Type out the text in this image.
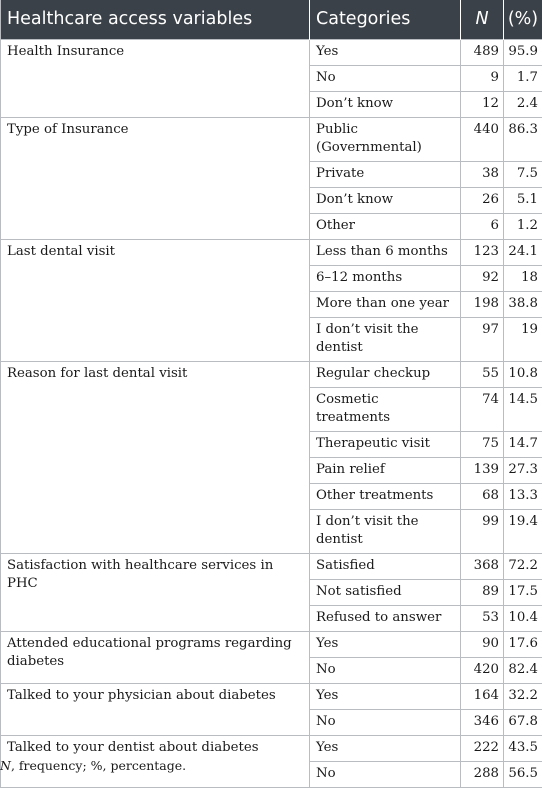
Healthcare access variables	Categories	N	(%)
Health Insurance	Yes	489	95.9
	No	9	1.7
	Don’t know	12	2.4
Type of Insurance	Public (Governmental)	440	86.3
	Private	38	7.5
	Don’t know	26	5.1
	Other	6	1.2
Last dental visit	Less than 6 months	123	24.1
	6–12 months	92	18
	More than one year	198	38.8
	I don’t visit the dentist	97	19
Reason for last dental visit	Regular checkup	55	10.8
	Cosmetic treatments	74	14.5
	Therapeutic visit	75	14.7
	Pain relief	139	27.3
	Other treatments	68	13.3
	I don’t visit the dentist	99	19.4
Satisfaction with healthcare services in PHC	Satisfied	368	72.2
	Not satisfied	89	17.5
	Refused to answer	53	10.4
Attended educational programs regarding diabetes	Yes	90	17.6
	No	420	82.4
Talked to your physician about diabetes	Yes	164	32.2
	No	346	67.8
Talked to your dentist about diabetes	Yes	222	43.5
	No	288	56.5
N, frequency; %, percentage.
